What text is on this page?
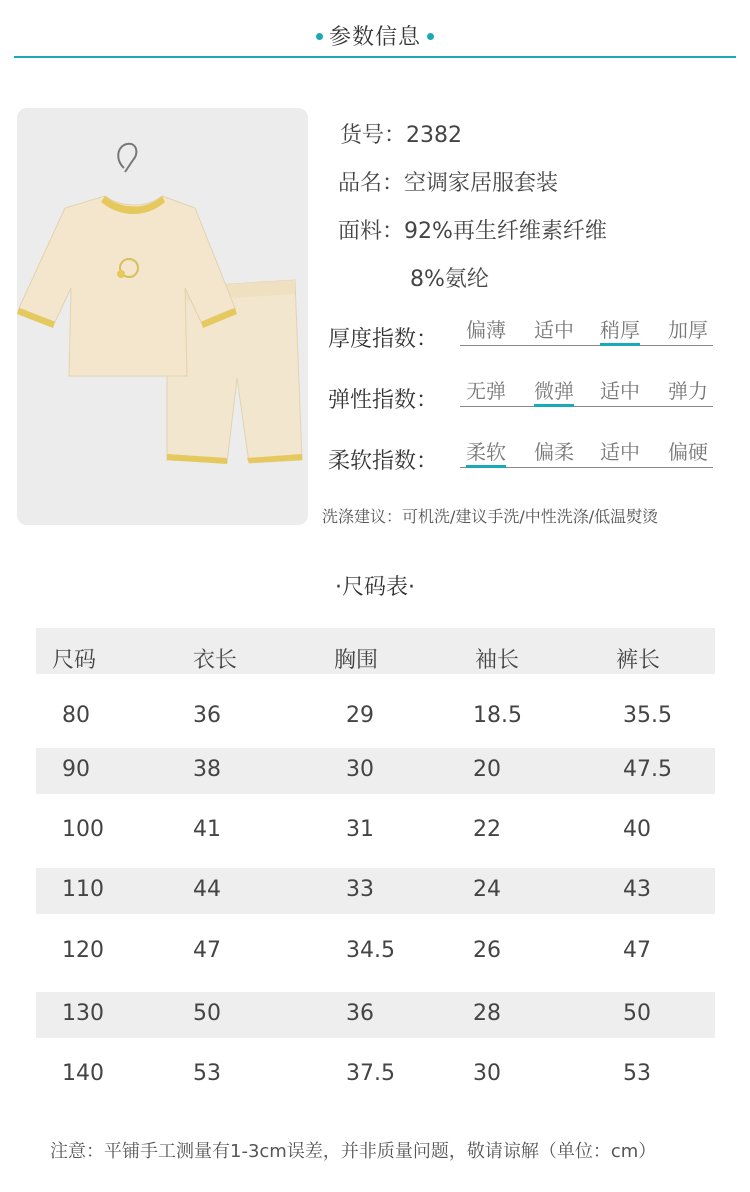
参数信息
货号：2382
品名：空调家居服套装
面料：92%再生纤维素纤维
8%氨纶
厚度指数： 偏薄 适中 稍厚 加厚
弹性指数： 无弹 微弹 适中 弹力
柔软指数： 柔软 偏柔 适中 偏硬
洗涤建议：可机洗/建议手洗/中性洗涤/低温熨烫
·尺码表·
尺码	衣长	胸围	袖长	裤长
80	36	29	18.5	35.5
90	38	30	20	47.5
100	41	31	22	40
110	44	33	24	43
120	47	34.5	26	47
130	50	36	28	50
140	53	37.5	30	53
注意：平铺手工测量有1-3cm误差，并非质量问题，敬请谅解（单位：cm）
